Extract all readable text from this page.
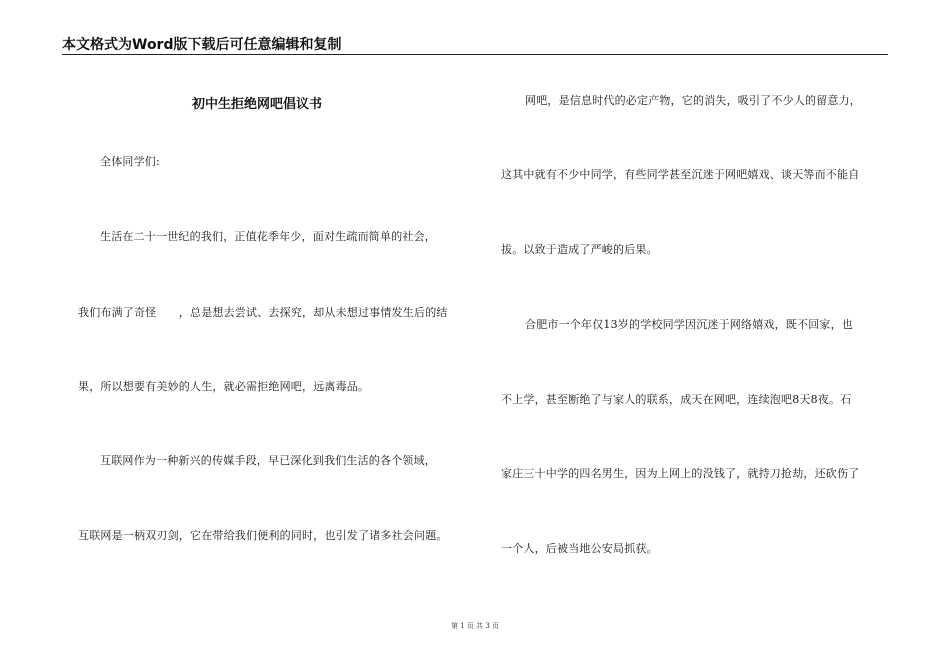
本文格式为Word版下载后可任意编辑和复制
初中生拒绝网吧倡议书
全体同学们:
生活在二十一世纪的我们，正值花季年少，面对生疏而简单的社会，
我们布满了奇怪　　，总是想去尝试、去探究，却从未想过事情发生后的结
果，所以想要有美妙的人生，就必需拒绝网吧，远离毒品。
互联网作为一种新兴的传媒手段，早已深化到我们生活的各个领域，
互联网是一柄双刃剑，它在带给我们便利的同时，也引发了诸多社会问题。
网吧，是信息时代的必定产物，它的消失，吸引了不少人的留意力，
这其中就有不少中同学，有些同学甚至沉迷于网吧嬉戏、谈天等而不能自
拔。以致于造成了严峻的后果。
合肥市一个年仅13岁的学校同学因沉迷于网络嬉戏，既不回家，也
不上学，甚至断绝了与家人的联系，成天在网吧，连续泡吧8天8夜。石
家庄三十中学的四名男生，因为上网上的没钱了，就持刀抢劫，还砍伤了
一个人，后被当地公安局抓获。
第 1 页 共 3 页
